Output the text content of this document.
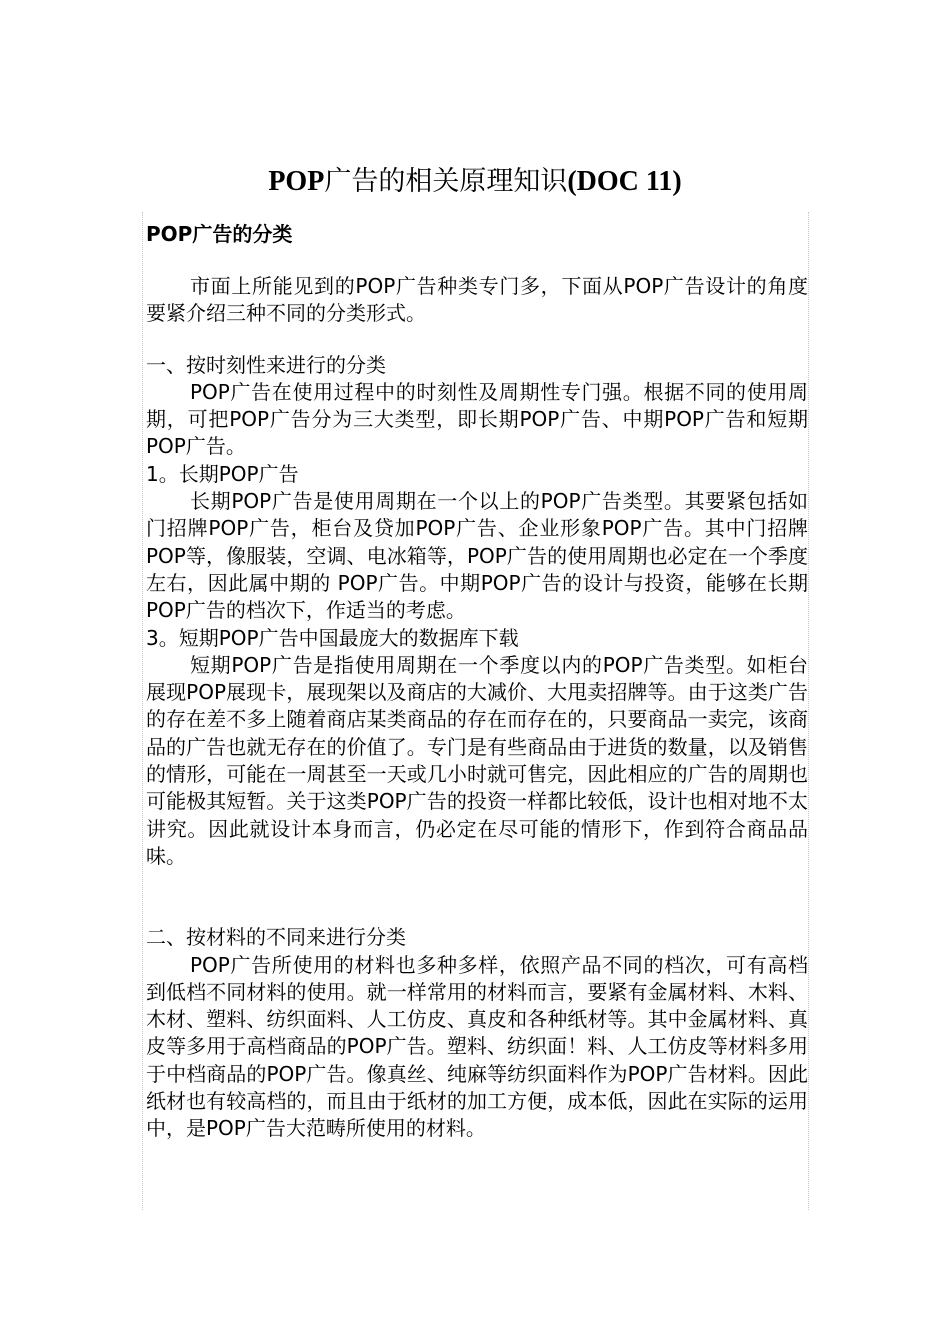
POP广告的相关原理知识(DOC 11)

POP广告的分类

市面上所能见到的POP广告种类专门多，下面从POP广告设计的角度要紧介绍三种不同的分类形式。

一、按时刻性来进行的分类

POP广告在使用过程中的时刻性及周期性专门强。根据不同的使用周期，可把POP广告分为三大类型，即长期POP广告、中期POP广告和短期POP广告。

1。长期POP广告

长期POP广告是使用周期在一个以上的POP广告类型。其要紧包括如门招牌POP广告，柜台及贷加POP广告、企业形象POP广告。其中门招牌POP等，像服装，空调、电冰箱等，POP广告的使用周期也必定在一个季度左右，因此属中期的 POP广告。中期POP广告的设计与投资，能够在长期POP广告的档次下，作适当的考虑。

3。短期POP广告中国最庞大的数据库下载

短期POP广告是指使用周期在一个季度以内的POP广告类型。如柜台展现POP展现卡，展现架以及商店的大减价、大甩卖招牌等。由于这类广告的存在差不多上随着商店某类商品的存在而存在的，只要商品一卖完，该商品的广告也就无存在的价值了。专门是有些商品由于进货的数量，以及销售的情形，可能在一周甚至一天或几小时就可售完，因此相应的广告的周期也可能极其短暂。关于这类POP广告的投资一样都比较低，设计也相对地不太讲究。因此就设计本身而言，仍必定在尽可能的情形下，作到符合商品品味。

二、按材料的不同来进行分类

POP广告所使用的材料也多种多样，依照产品不同的档次，可有高档到低档不同材料的使用。就一样常用的材料而言，要紧有金属材料、木料、木材、塑料、纺织面料、人工仿皮、真皮和各种纸材等。其中金属材料、真皮等多用于高档商品的POP广告。塑料、纺织面！料、人工仿皮等材料多用于中档商品的POP广告。像真丝、纯麻等纺织面料作为POP广告材料。因此纸材也有较高档的，而且由于纸材的加工方便，成本低，因此在实际的运用中，是POP广告大范畴所使用的材料。
